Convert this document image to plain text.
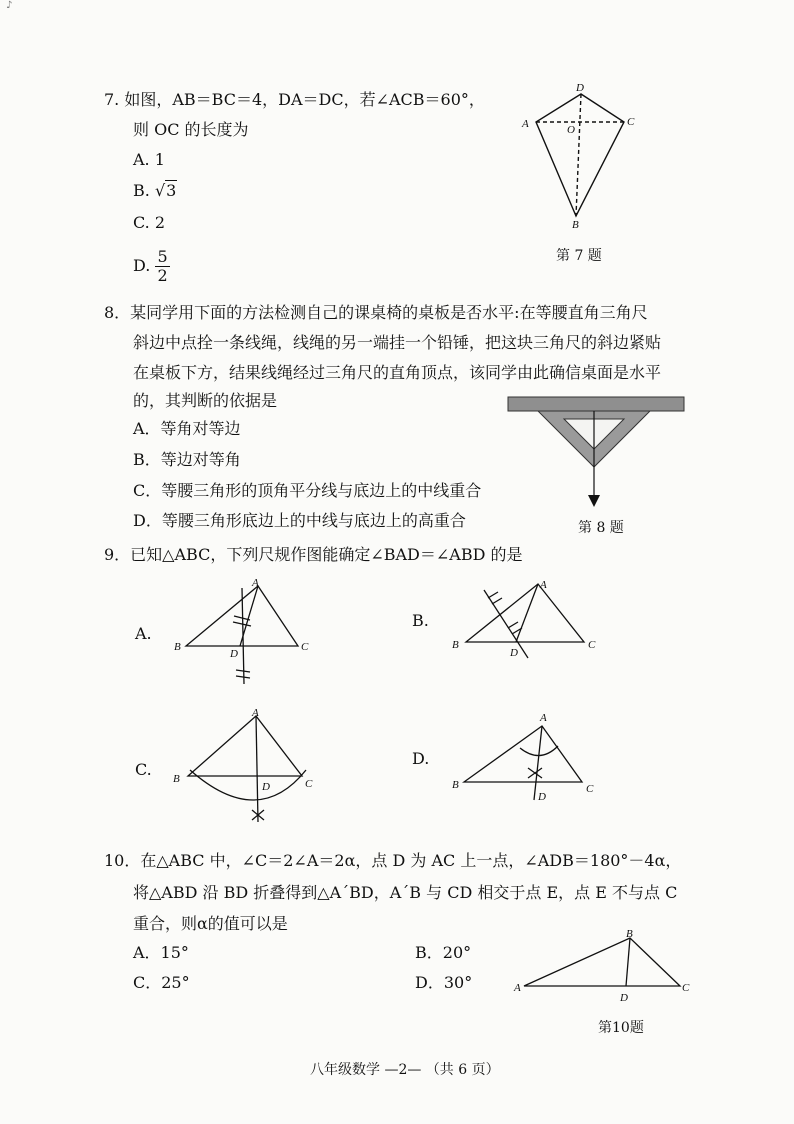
♪
7. 如图，AB＝BC＝4，DA＝DC，若∠ACB＝60°，
则 OC 的长度为
A. 1
B. √3
C. 2
D. $\frac{5}{2}$
D
A	O
C
B
第 7 题
8．某同学用下面的方法检测自己的课桌椅的桌板是否水平:在等腰直角三角尺
斜边中点拴一条线绳，线绳的另一端挂一个铅锤，把这块三角尺的斜边紧贴
在桌板下方，结果线绳经过三角尺的直角顶点，该同学由此确信桌面是水平
的，其判断的依据是
A．等角对等边
B．等边对等角
C．等腰三角形的顶角平分线与底边上的中线重合
D．等腰三角形底边上的中线与底边上的高重合	第 8 题
9．已知△ABC，下列尺规作图能确定∠BAD＝∠ABD 的是
A.
A
B	C
D
B.
A
B	C
D
C.
A
B	C
D
D.
A
B	C
D
10．在△ABC 中，∠C＝2∠A＝2α，点 D 为 AC 上一点，∠ADB＝180°－4α，
将△ABD 沿 BD 折叠得到△A´BD，A´B 与 CD 相交于点 E，点 E 不与点 C
重合，则α的值可以是
A．15°	B．20°
C．25°	D．30°
B
A
D
C
第10题
八年级数学 —2— （共 6 页）
